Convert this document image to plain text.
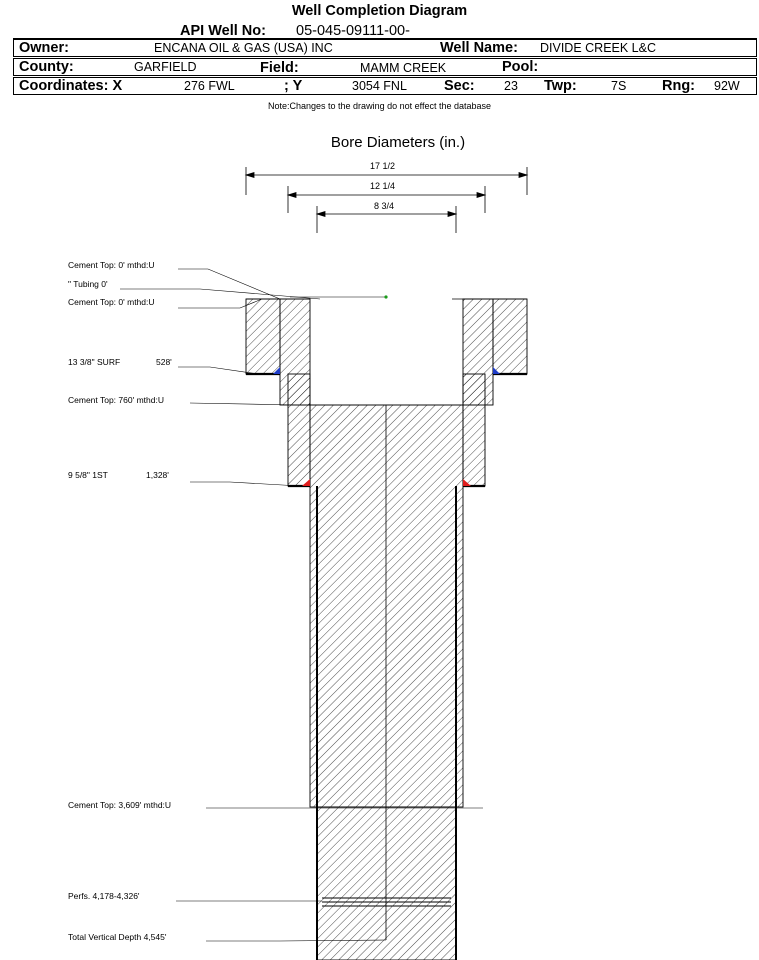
Well Completion Diagram
API Well No: 05-045-09111-00-
Owner:	ENCANA OIL & GAS (USA) INC	Well Name: DIVIDE CREEK L&C
County:	GARFIELD	Field:	MAMM CREEK	Pool:
Coordinates: X	276 FWL	; Y	3054 FNL	Sec: 23 Twp:	7S Rng: 92W
Note:Changes to the drawing do not effect the database
Bore Diameters (in.)
17 1/2
12 1/4
8 3/4
Cement Top: 0' mthd:U
" Tubing 0'
Cement Top: 0' mthd:U
13 3/8" SURF	528'
Cement Top: 760' mthd:U
9 5/8" 1ST	1,328'
Cement Top: 3,609' mthd:U
Perfs. 4,178-4,326'
Total Vertical Depth 4,545'
